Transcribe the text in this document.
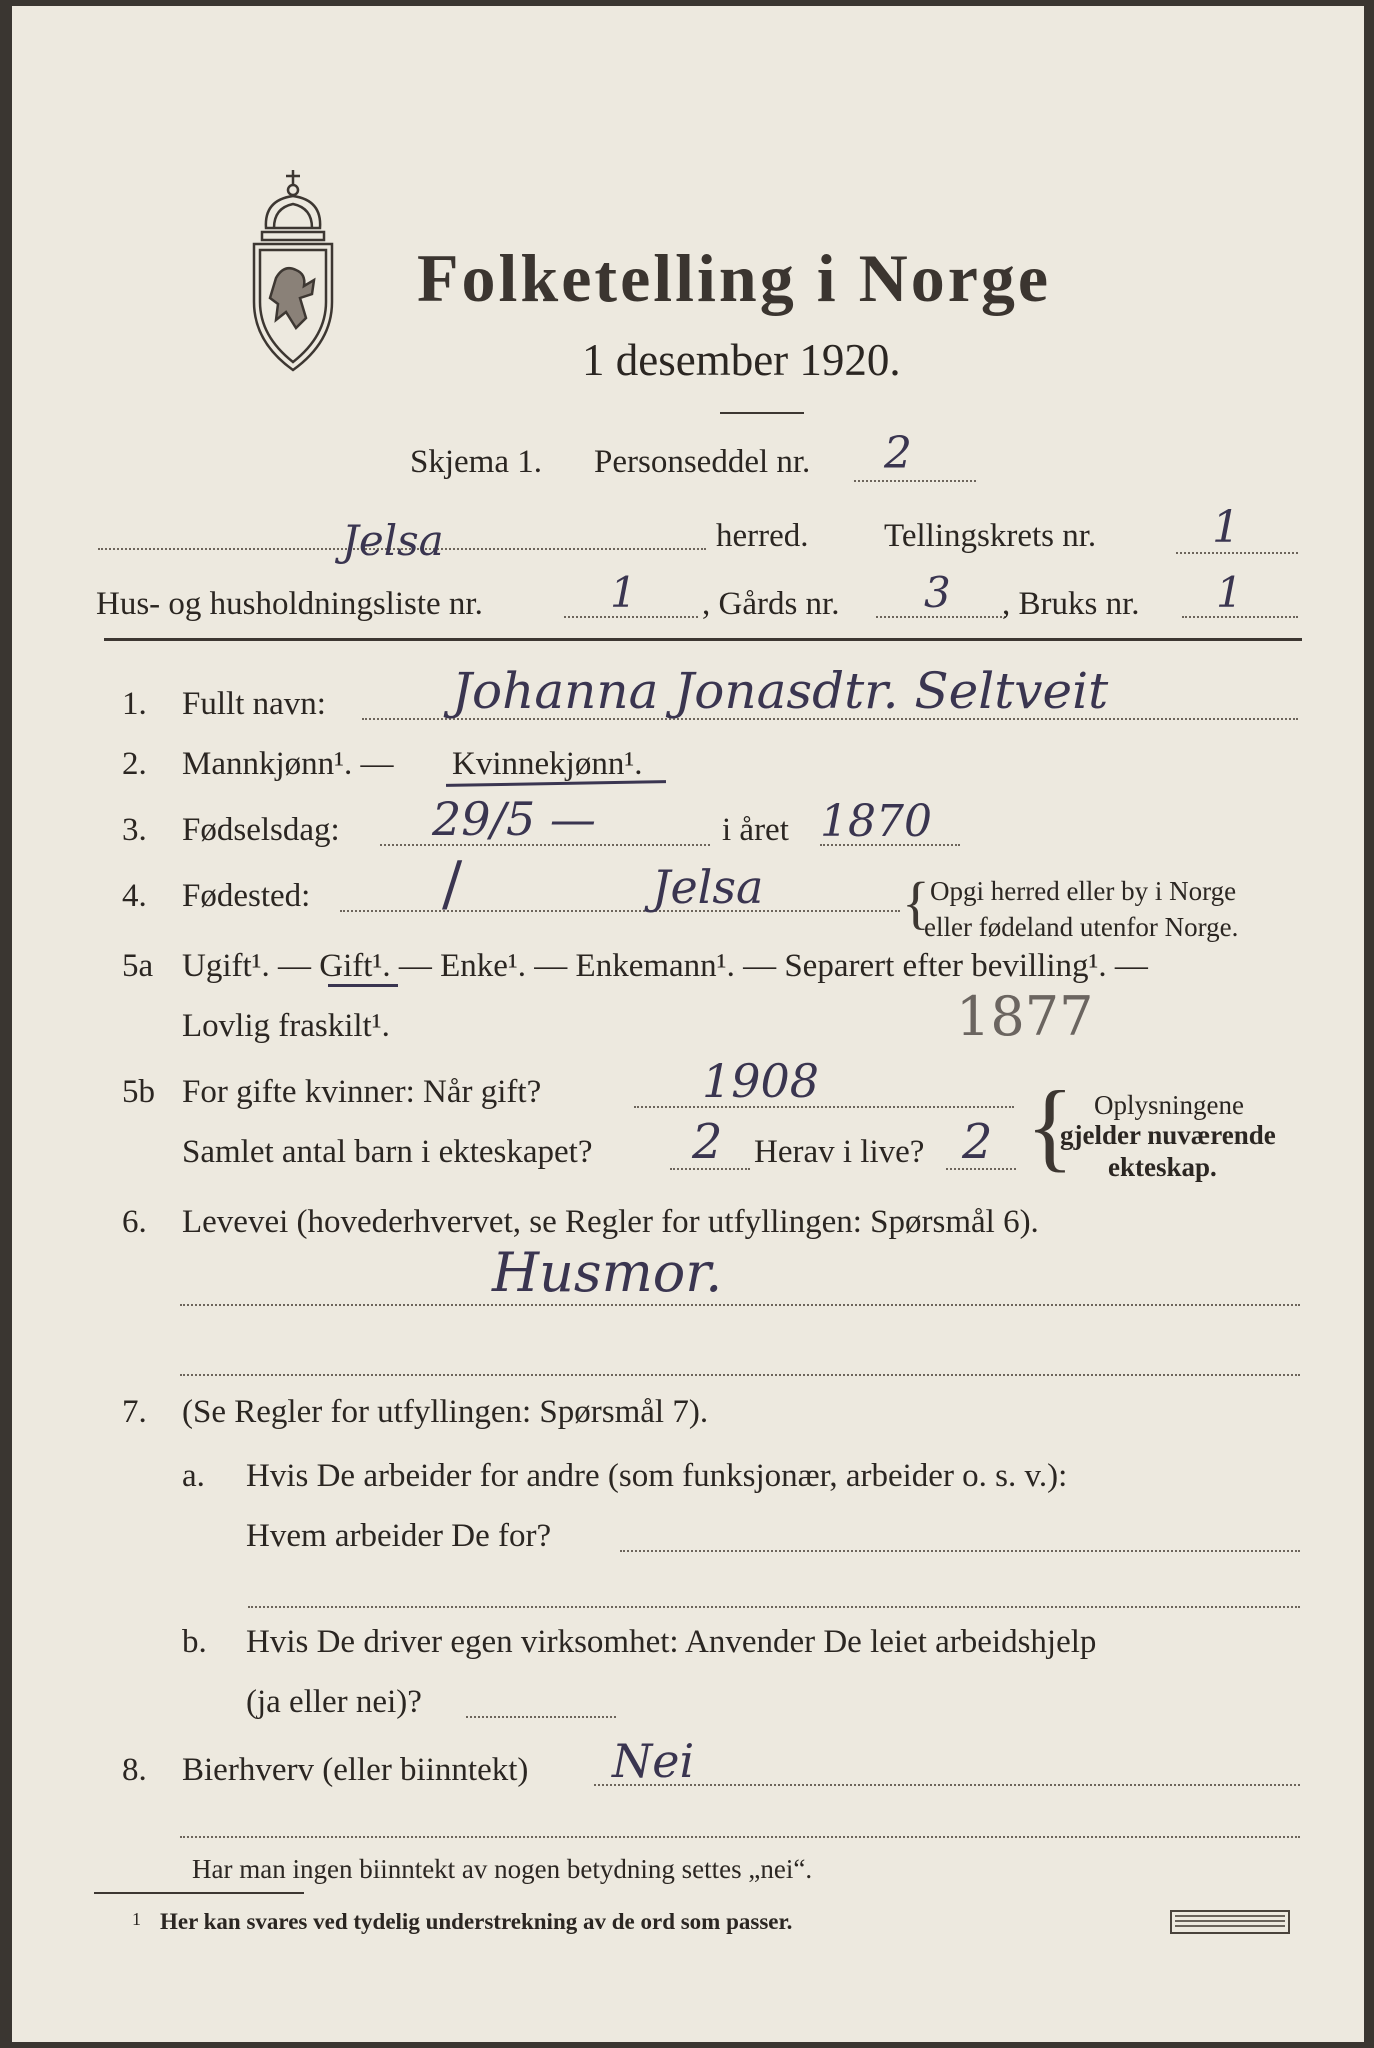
Folketelling i Norge
1 desember 1920.
Skjema 1. Personseddel nr. 2
Jelsa	herred. Tellingskrets nr.	1
Hus- og husholdningsliste nr.	1 , Gårds nr. 3 , Bruks nr. 1
1. Fullt navn:	Johanna Jonasdtr. Seltveit
2. Mannkjønn¹. — Kvinnekjønn¹.
3. Fødselsdag: 29/5 —	i året 1870
4. Fødested: /	Jelsa { Opgi herred eller by i Norge
eller fødeland utenfor Norge.
5a Ugift¹. — Gift¹. — Enke¹. — Enkemann¹. — Separert efter bevilling¹. —
Lovlig fraskilt¹.	1877
5b For gifte kvinner: Når gift?	1908
Samlet antal barn i ekteskapet? 2 Herav i live? 2 { Oplysningene
gjelder nuværende
ekteskap.
6. Levevei (hovederhvervet, se Regler for utfyllingen: Spørsmål 6).
Husmor.
7. (Se Regler for utfyllingen: Spørsmål 7).
a. Hvis De arbeider for andre (som funksjonær, arbeider o. s. v.):
Hvem arbeider De for?
b. Hvis De driver egen virksomhet: Anvender De leiet arbeidshjelp
(ja eller nei)?
8. Bierhverv (eller biinntekt) Nei
Har man ingen biinntekt av nogen betydning settes „nei“.
1 Her kan svares ved tydelig understrekning av de ord som passer.
